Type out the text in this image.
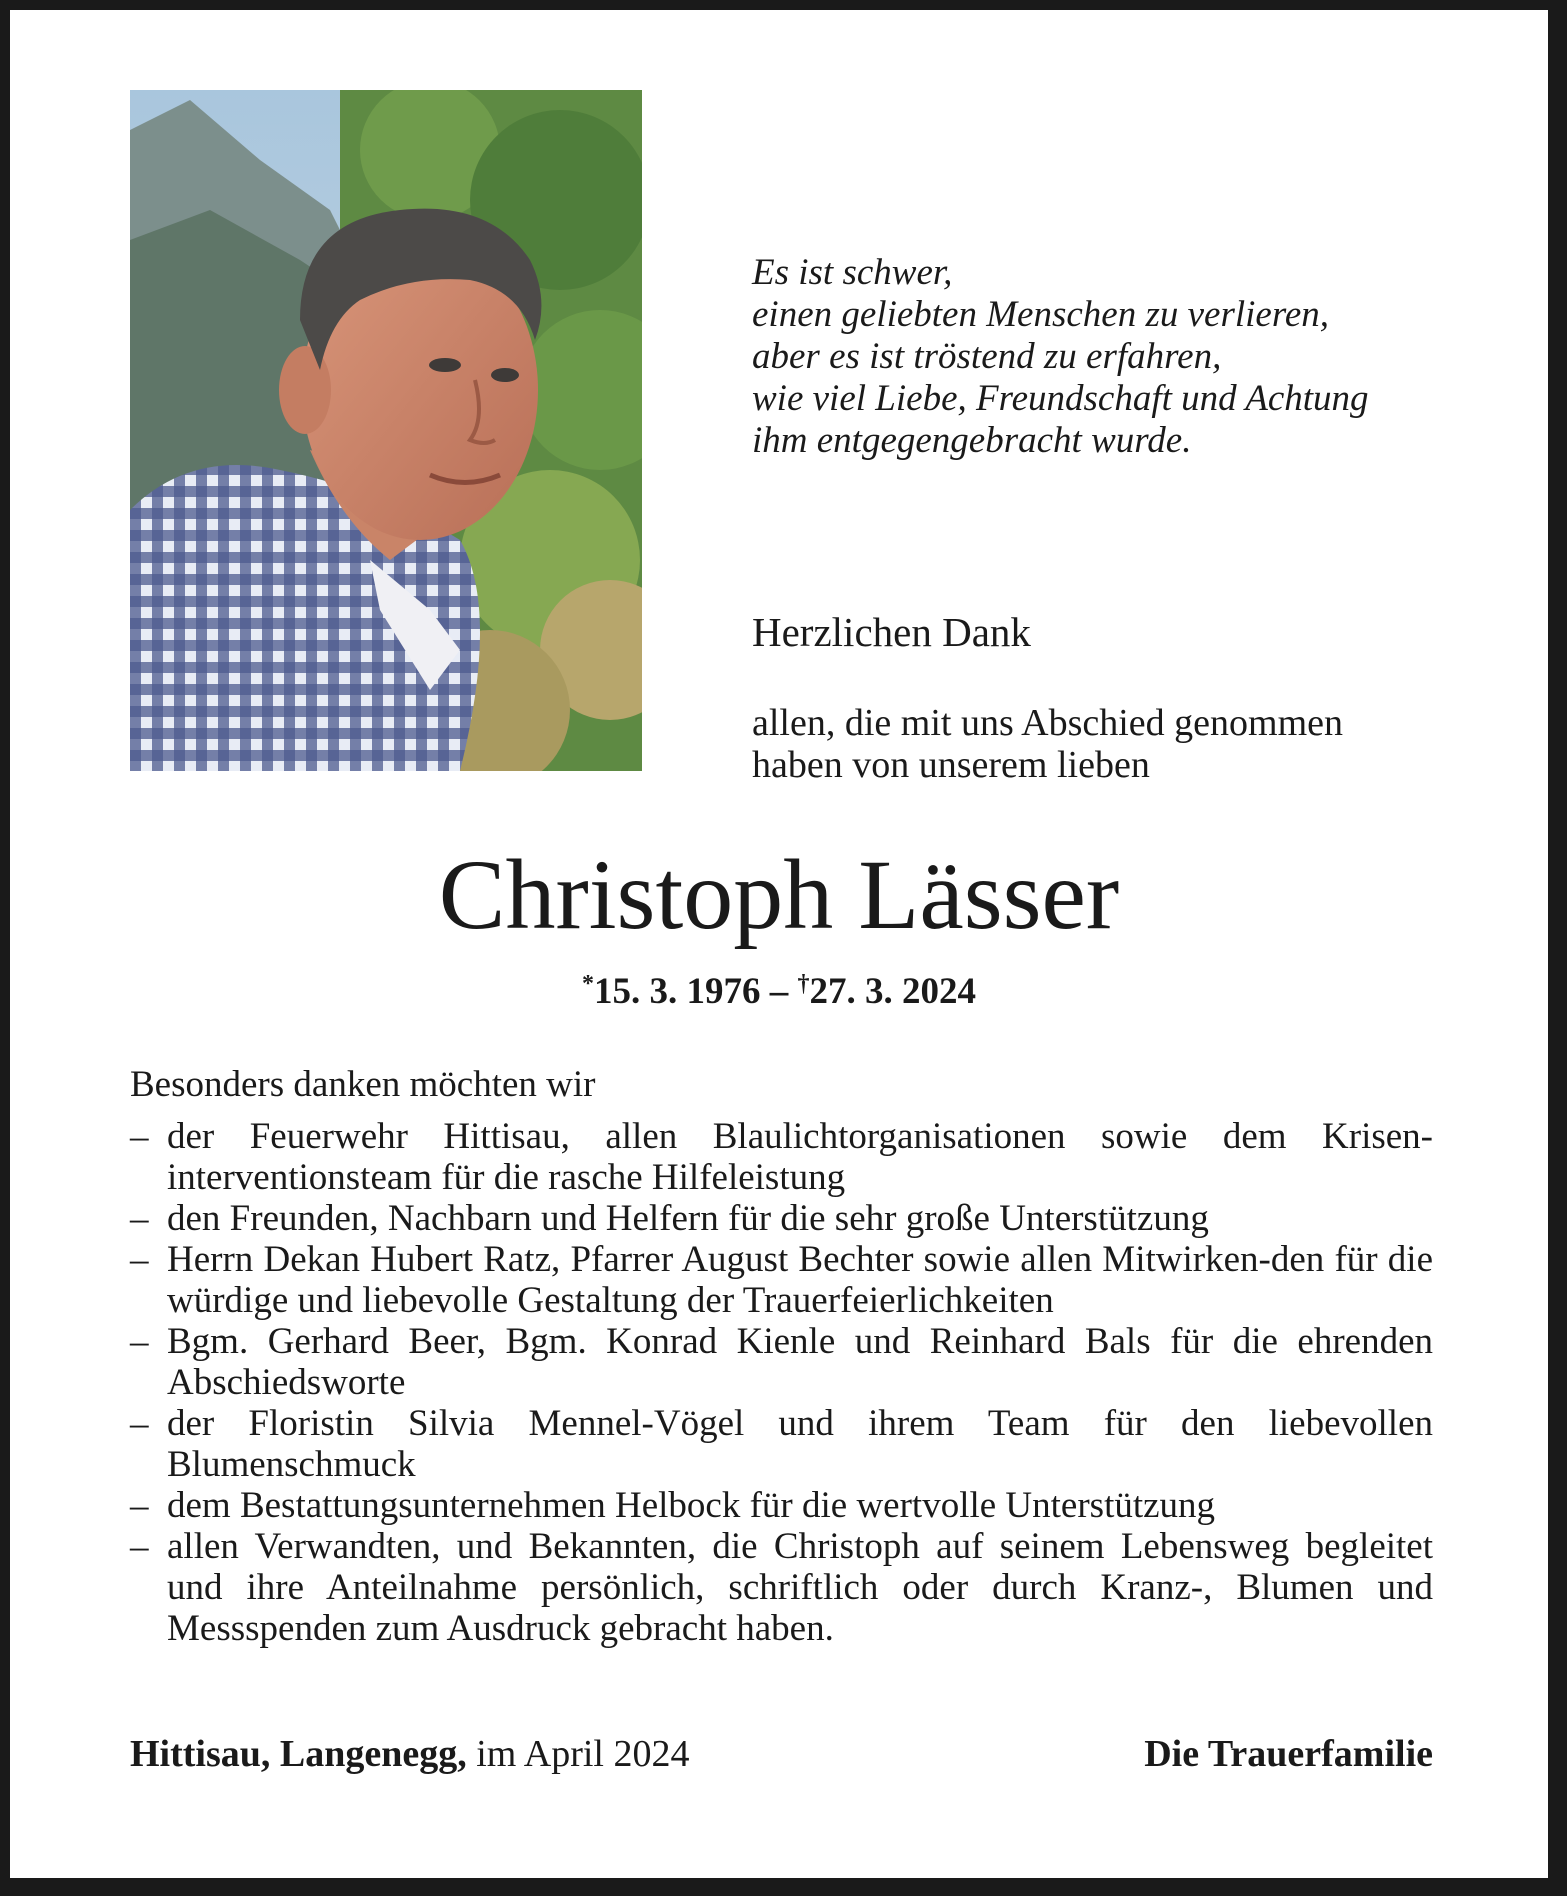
Es ist schwer,
einen geliebten Menschen zu verlieren,
aber es ist tröstend zu erfahren,
wie viel Liebe, Freundschaft und Achtung
ihm entgegengebracht wurde.
Herzlichen Dank
allen, die mit uns Abschied genommen
haben von unserem lieben
Christoph Lässer
*15. 3. 1976 – †27. 3. 2024
Besonders danken möchten wir
– der Feuerwehr Hittisau, allen Blaulichtorganisationen sowie dem Krisen-interventionsteam für die rasche Hilfeleistung
– den Freunden, Nachbarn und Helfern für die sehr große Unterstützung
– Herrn Dekan Hubert Ratz, Pfarrer August Bechter sowie allen Mitwirken-den für die würdige und liebevolle Gestaltung der Trauerfeierlichkeiten
– Bgm. Gerhard Beer, Bgm. Konrad Kienle und Reinhard Bals für die ehrenden Abschiedsworte
– der Floristin Silvia Mennel-Vögel und ihrem Team für den liebevollen Blumenschmuck
– dem Bestattungsunternehmen Helbock für die wertvolle Unterstützung
– allen Verwandten, und Bekannten, die Christoph auf seinem Lebensweg begleitet und ihre Anteilnahme persönlich, schriftlich oder durch Kranz-, Blumen und Messspenden zum Ausdruck gebracht haben.
Hittisau, Langenegg, im April 2024	Die Trauerfamilie
